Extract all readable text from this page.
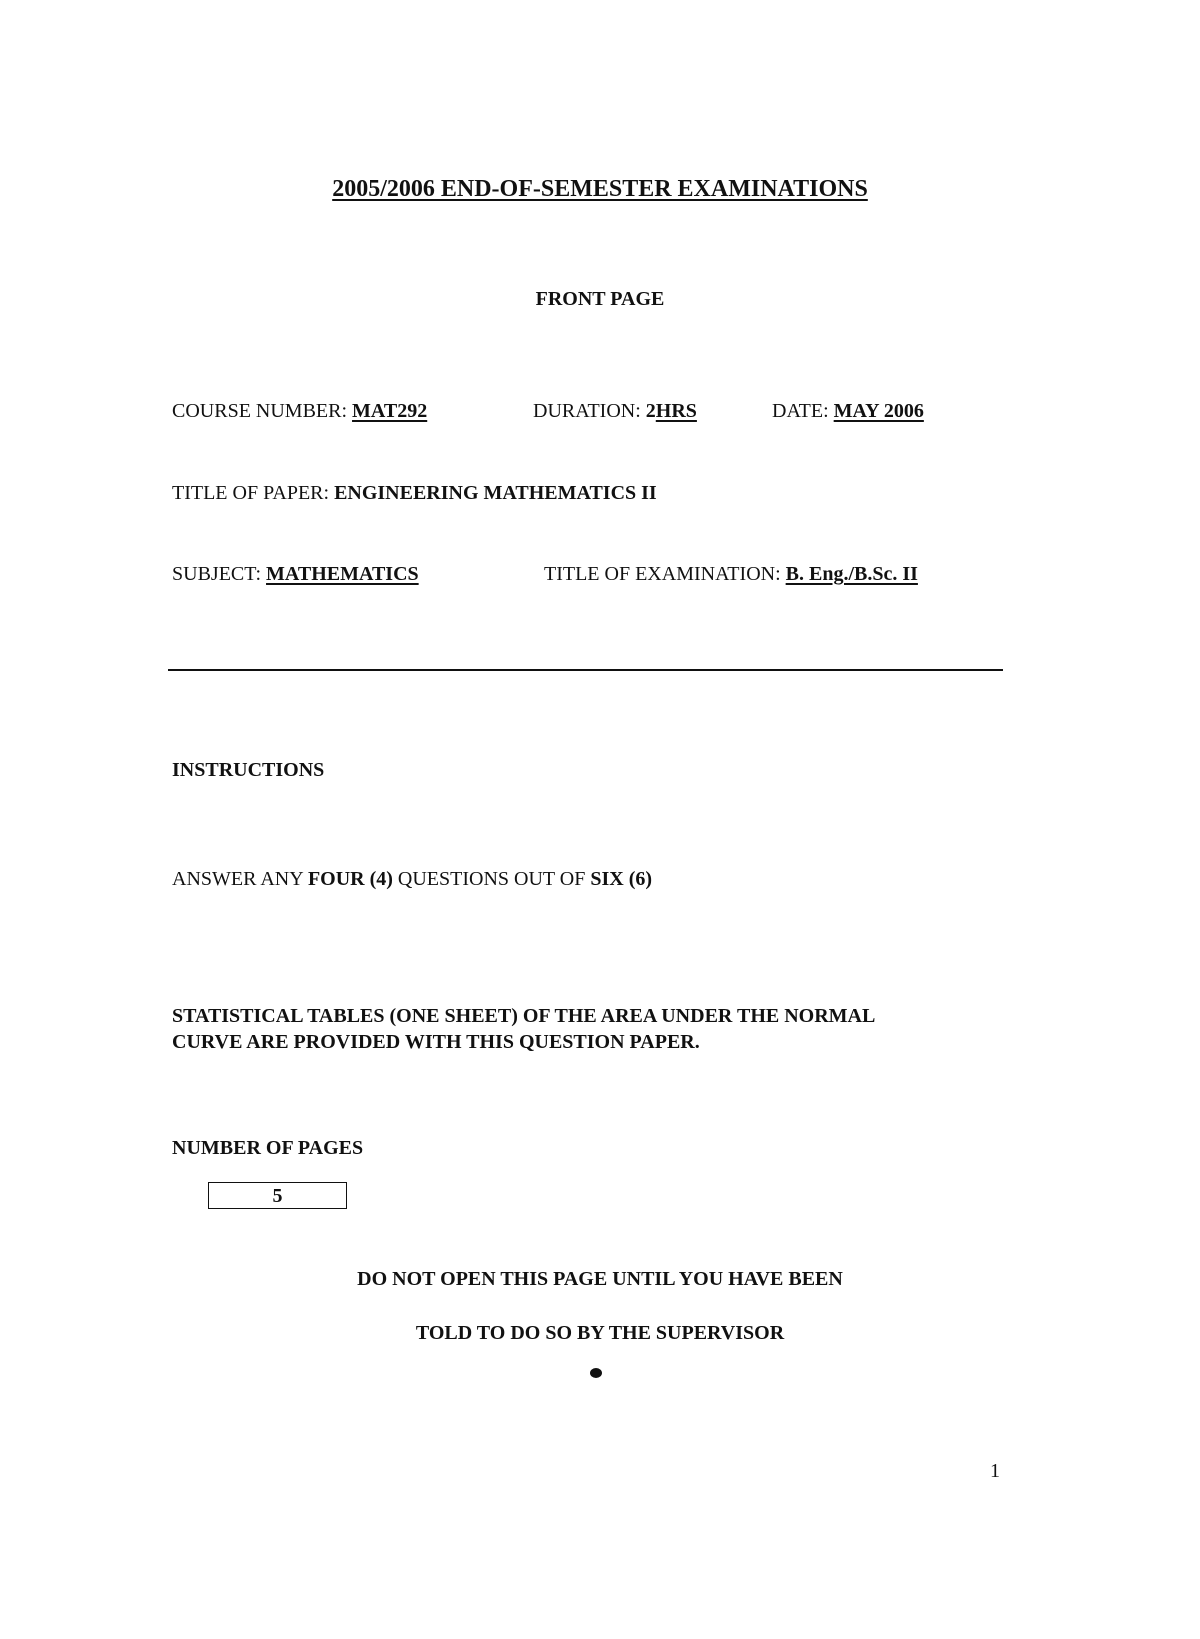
2005/2006 END-OF-SEMESTER EXAMINATIONS
FRONT PAGE
COURSE NUMBER: MAT292	DURATION: 2HRS	DATE: MAY 2006
TITLE OF PAPER: ENGINEERING MATHEMATICS II
SUBJECT: MATHEMATICS	TITLE OF EXAMINATION: B. Eng./B.Sc. II
INSTRUCTIONS
ANSWER ANY FOUR (4) QUESTIONS OUT OF SIX (6)
STATISTICAL TABLES (ONE SHEET) OF THE AREA UNDER THE NORMAL
CURVE ARE PROVIDED WITH THIS QUESTION PAPER.
NUMBER OF PAGES
5
DO NOT OPEN THIS PAGE UNTIL YOU HAVE BEEN
TOLD TO DO SO BY THE SUPERVISOR
1
